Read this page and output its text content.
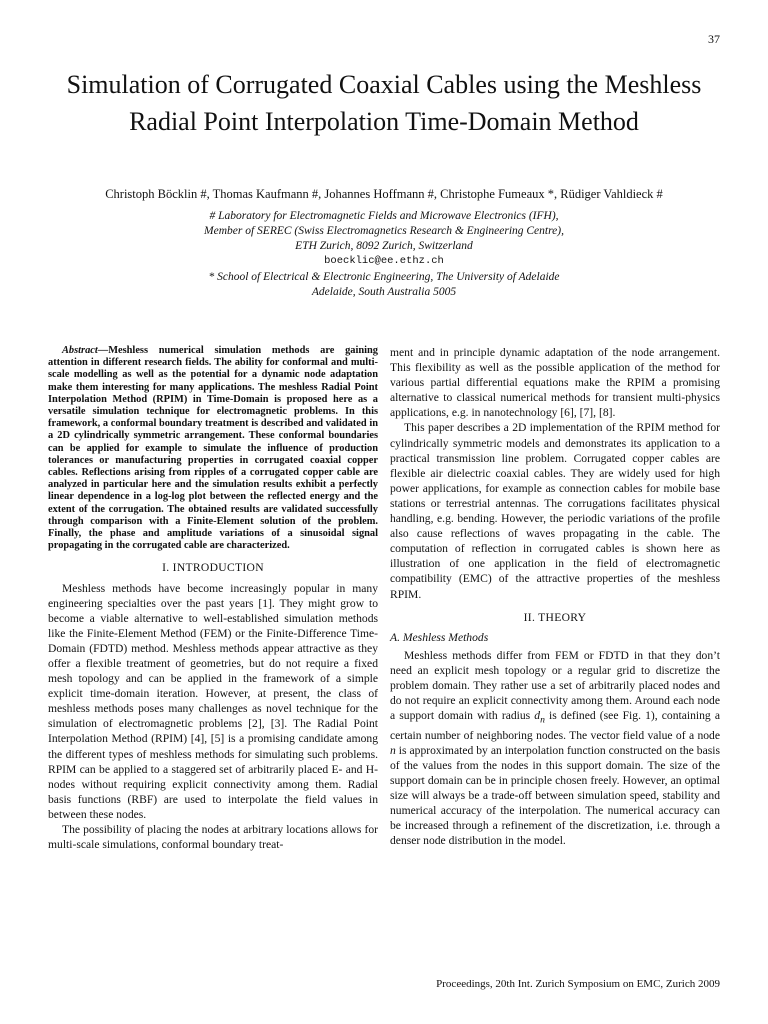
37
Simulation of Corrugated Coaxial Cables using the Meshless Radial Point Interpolation Time-Domain Method
Christoph Böcklin #, Thomas Kaufmann #, Johannes Hoffmann #, Christophe Fumeaux *, Rüdiger Vahldieck #
# Laboratory for Electromagnetic Fields and Microwave Electronics (IFH),
Member of SEREC (Swiss Electromagnetics Research & Engineering Centre),
ETH Zurich, 8092 Zurich, Switzerland
boecklic@ee.ethz.ch
* School of Electrical & Electronic Engineering, The University of Adelaide
Adelaide, South Australia 5005

Abstract—Meshless numerical simulation methods are gaining attention in different research fields. The ability for conformal and multi-scale modelling as well as the potential for a dynamic node adaptation make them interesting for many applications. The meshless Radial Point Interpolation Method (RPIM) in Time-Domain is proposed here as a versatile simulation technique for electromagnetic problems. In this framework, a conformal boundary treatment is described and validated in a 2D cylindrically symmetric arrangement. These conformal boundaries can be applied for example to simulate the influence of production tolerances or manufacturing properties in corrugated coaxial copper cables. Reflections arising from ripples of a corrugated copper cable are analyzed in particular here and the simulation results exhibit a perfectly linear dependence in a log-log plot between the reflected energy and the extent of the corrugation. The obtained results are validated successfully through comparison with a Finite-Element solution of the problem. Finally, the phase and amplitude variations of a sinusoidal signal propagating in the corrugated cable are characterized.

I. INTRODUCTION

Meshless methods have become increasingly popular in many engineering specialties over the past years [1]. They might grow to become a viable alternative to well-established simulation methods like the Finite-Element Method (FEM) or the Finite-Difference Time-Domain (FDTD) method. Meshless methods appear attractive as they offer a flexible treatment of geometries, but do not require a fixed mesh topology and can be applied in the framework of a simple explicit time-domain iteration. However, at present, the class of meshless methods poses many challenges as novel technique for the simulation of electromagnetic problems [2], [3]. The Radial Point Interpolation Method (RPIM) [4], [5] is a promising candidate among the different types of meshless methods for simulating such problems. RPIM can be applied to a staggered set of arbitrarily placed E- and H-nodes without requiring explicit connectivity among them. Radial basis functions (RBF) are used to interpolate the field values in between these nodes.

The possibility of placing the nodes at arbitrary locations allows for multi-scale simulations, conformal boundary treat-

ment and in principle dynamic adaptation of the node arrangement. This flexibility as well as the possible application of the method for various partial differential equations make the RPIM a promising alternative to classical numerical methods for transient multi-physics applications, e.g. in nanotechnology [6], [7], [8].

This paper describes a 2D implementation of the RPIM method for cylindrically symmetric models and demonstrates its application to a practical transmission line problem. Corrugated copper cables are flexible air dielectric coaxial cables. They are widely used for high power applications, for example as connection cables for mobile base stations or terrestrial antennas. The corrugations facilitates physical handling, e.g. bending. However, the periodic variations of the profile also cause reflections of waves propagating in the cable. The computation of reflection in corrugated cables is shown here as illustration of one application in the field of electromagnetic compatibility (EMC) of the attractive properties of the meshless RPIM.

II. THEORY
A. Meshless Methods

Meshless methods differ from FEM or FDTD in that they don’t need an explicit mesh topology or a regular grid to discretize the problem domain. They rather use a set of arbitrarily placed nodes and do not require an explicit connectivity among them. Around each node a support domain with radius $d_n$ is defined (see Fig. 1), containing a certain number of neighboring nodes. The vector field value of a node n is approximated by an interpolation function constructed on the basis of the values from the nodes in this support domain. The size of the support domain can be in principle chosen freely. However, an optimal size will always be a trade-off between simulation speed, stability and numerical accuracy of the interpolation. The numerical accuracy can be increased through a refinement of the discretization, i.e. through a denser node distribution in the model.

Proceedings, 20th Int. Zurich Symposium on EMC, Zurich 2009
